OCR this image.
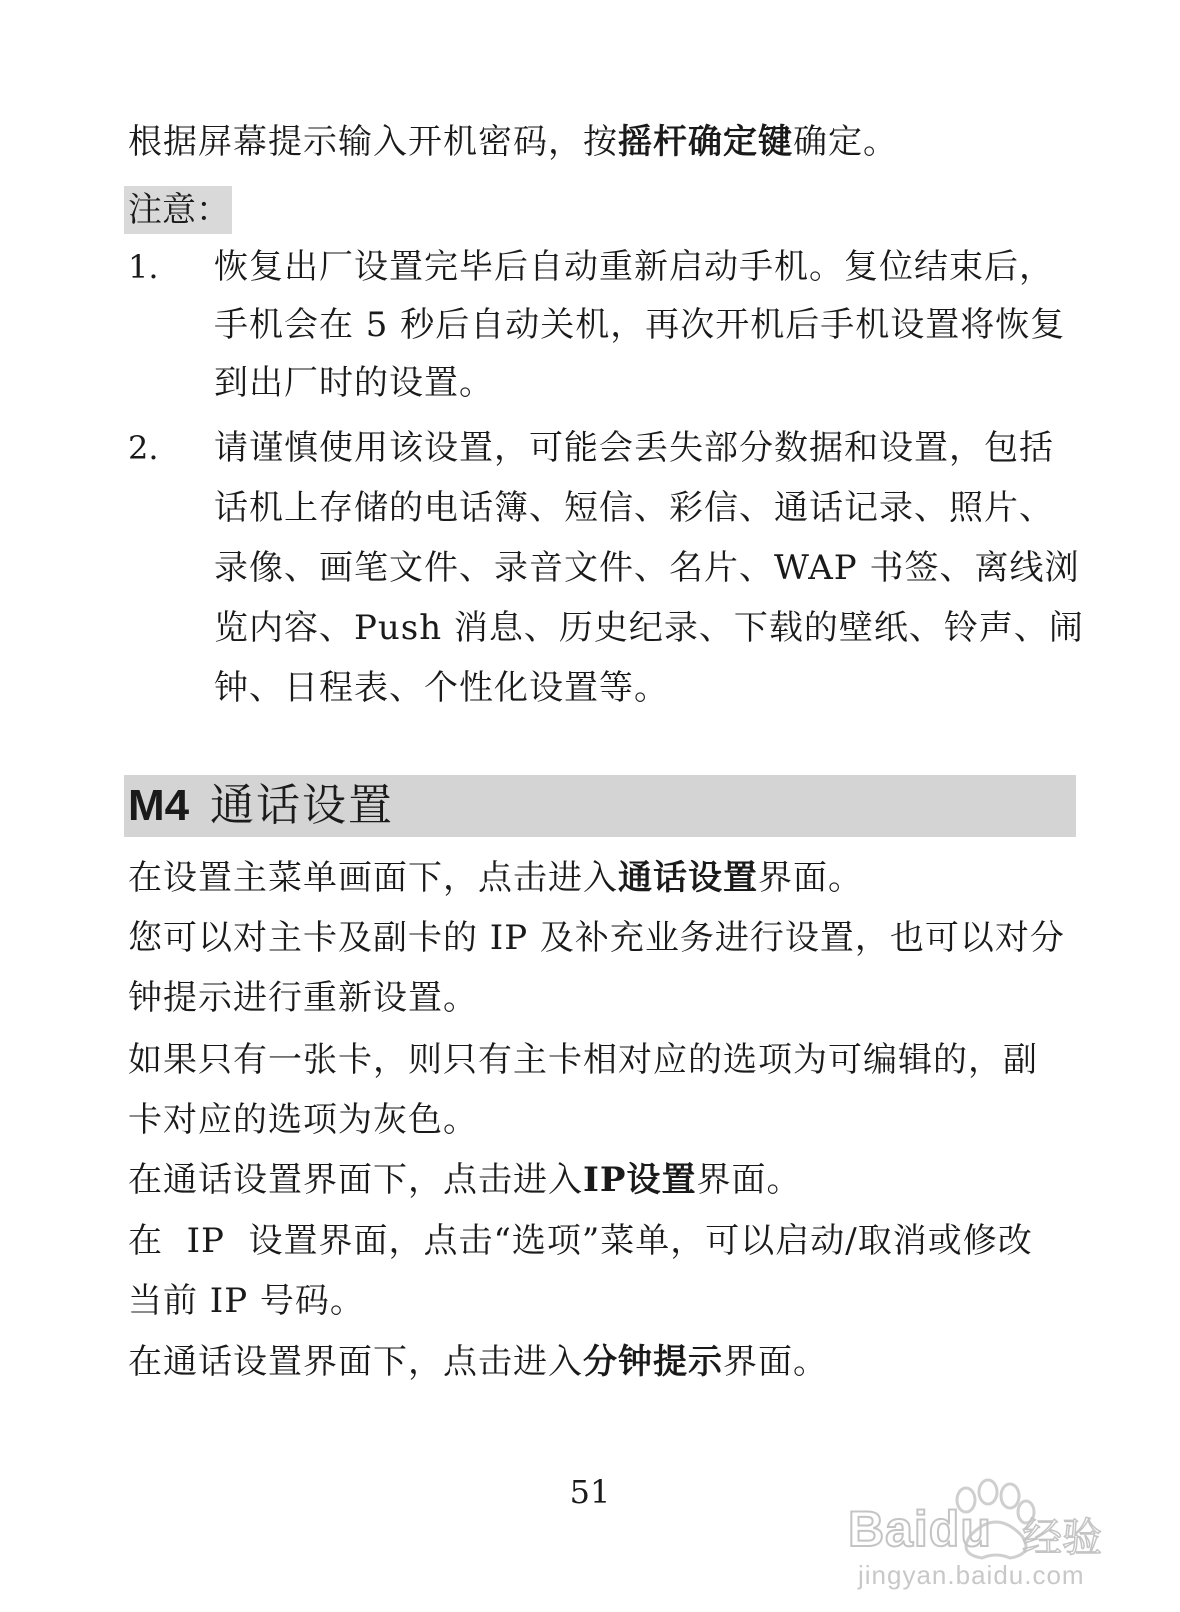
根据屏幕提示输入开机密码，按摇杆确定键确定。
注意：
1. 恢复出厂设置完毕后自动重新启动手机。复位结束后，
手机会在 5 秒后自动关机，再次开机后手机设置将恢复
到出厂时的设置。
2. 请谨慎使用该设置，可能会丢失部分数据和设置，包括
话机上存储的电话簿、短信、彩信、通话记录、照片、
录像、画笔文件、录音文件、名片、WAP 书签、离线浏
览内容、Push 消息、历史纪录、下载的壁纸、铃声、闹
钟、日程表、个性化设置等。
M4 通话设置
在设置主菜单画面下，点击进入通话设置界面。
您可以对主卡及副卡的 IP 及补充业务进行设置，也可以对分
钟提示进行重新设置。
如果只有一张卡，则只有主卡相对应的选项为可编辑的，副
卡对应的选项为灰色。
在通话设置界面下，点击进入IP设置界面。
在  IP  设置界面，点击“选项”菜单，可以启动/取消或修改
当前 IP 号码。
在通话设置界面下，点击进入分钟提示界面。
51
Baidu 经验
jingyan.baidu.com
